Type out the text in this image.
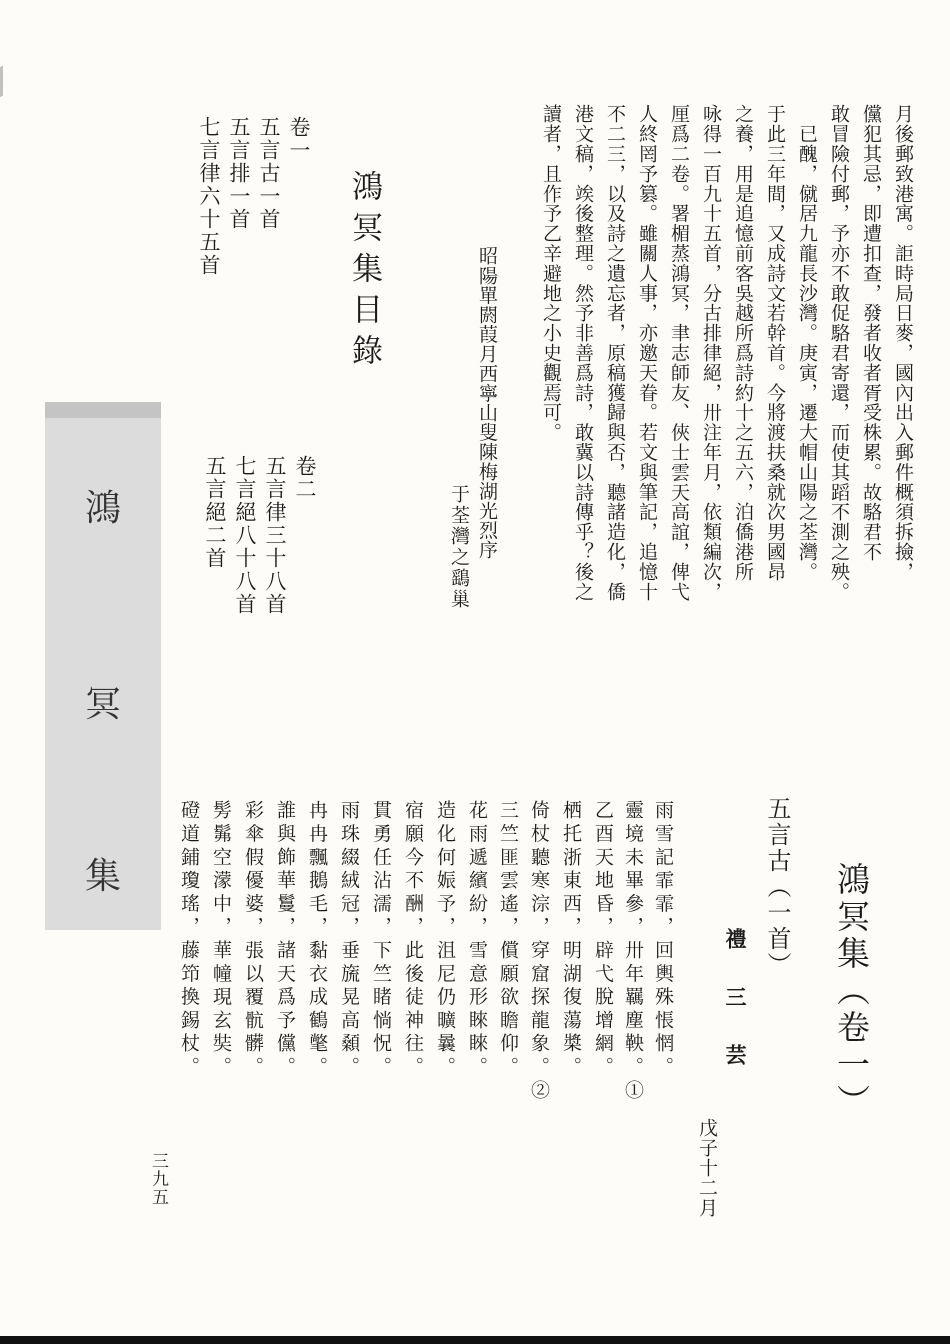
月後郵致港寓。詎時局日麥，國內出入郵件概須拆撿，
儻犯其忌，即遭扣查，發者收者胥受株累。故駱君不
敢冒險付郵，予亦不敢促駱君寄還，而使其蹈不測之殃。
　已醜，僦居九龍長沙灣。庚寅，遷大帽山陽之荃灣。
于此三年間，又成詩文若幹首。今將渡扶桑就次男國昂
之養，用是追憶前客吳越所爲詩約十之五六，泊僑港所
咏得一百九十五首，分古排律絕，卅注年月，依類編次，
厘爲二卷。署楣蒸鴻冥，聿志師友、俠士雲天高誼，俾弋
人終罔予篡。雖關人事，亦邀天眷。若文與筆記，追憶十
不二三，以及詩之遺忘者，原稿獲歸與否，聽諸造化，僑
港文稿，竢後整理。然予非善爲詩，敢冀以詩傳乎？後之
讀者，且作予乙辛避地之小史觀焉可。
昭陽單閼葭月西寧山叟陳梅湖光烈序
于荃灣之鷂巢
鴻冥集目錄
卷一
五言古一首
五言排一首
七言律六十五首
卷二
五言律三十八首
七言絕八十八首
五言絕二首
鴻
冥
集	鴻冥集（卷一）
五言古（一首）
禮 三 芸
戊子十二月
雨雪記霏霏，回輿殊悵惘。
靈境未畢參，卅年羈塵鞅。①
乙酉天地昏，辟弋脫增網。
栖托浙東西，明湖復蕩槳。
倚杖聽寒淙，穿窟探龍象。②
三竺匪雲遙，償願欲瞻仰。
花雨遞繽紛，雪意形睞睞。
造化何娠予，沮尼仍曠曩。
宿願今不酬，此後徒神往。
貫勇任沾濡，下竺睹惝怳。
雨珠綴絨冠，垂旒晃高顙。
冉冉飄鵝毛，黏衣成鶴氅。
誰與飾華鬘，諸天爲予儻。
彩傘假優婆，張以覆骯髒。
髣髴空濛中，華幢現玄奘。
磴道鋪瓊瑤，藤笻換錫杖。
三九五
